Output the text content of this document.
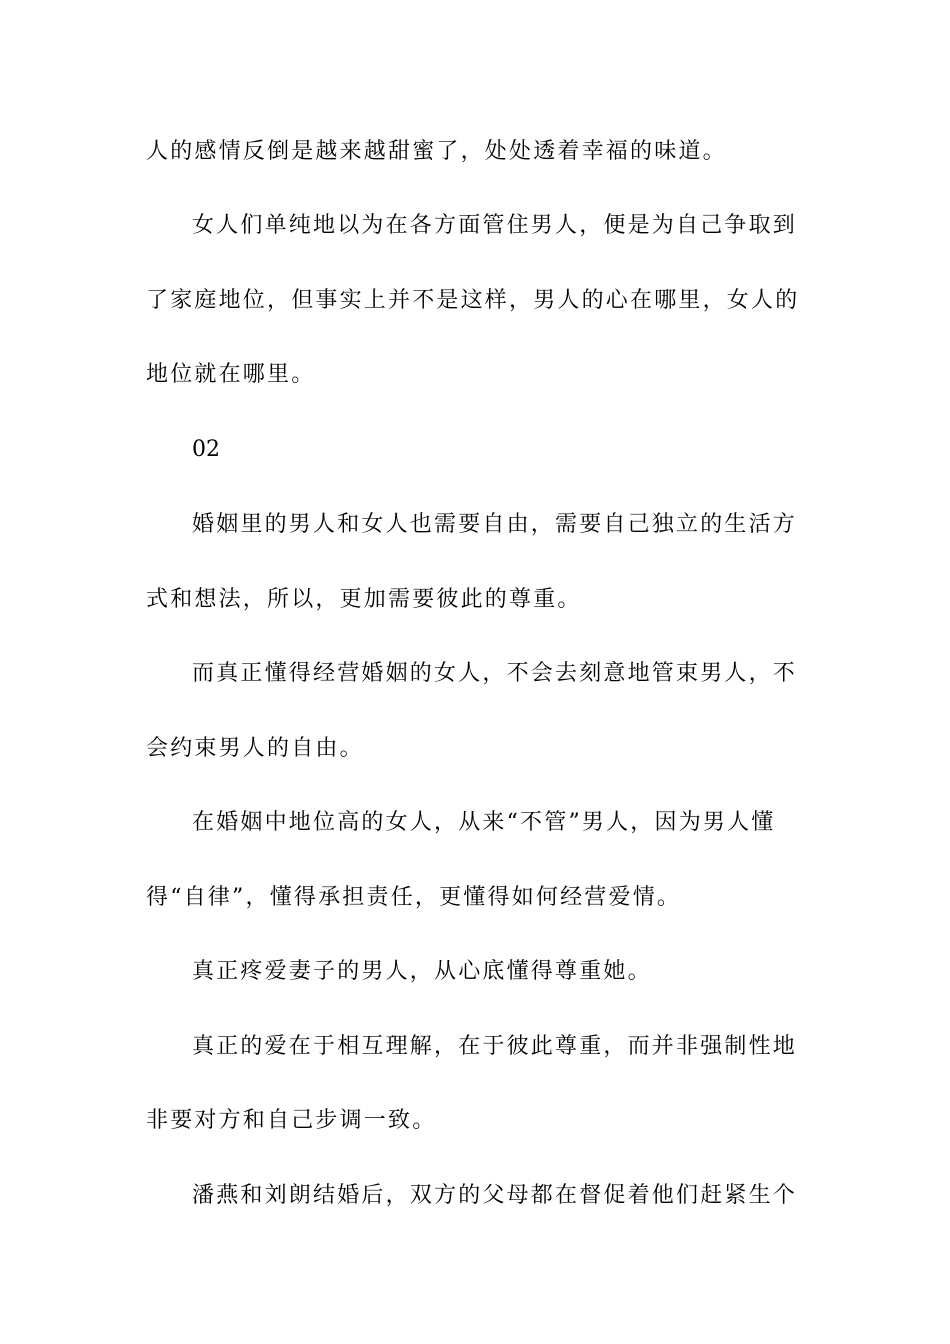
人的感情反倒是越来越甜蜜了，处处透着幸福的味道。
女人们单纯地以为在各方面管住男人，便是为自己争取到
了家庭地位，但事实上并不是这样，男人的心在哪里，女人的
地位就在哪里。
02
婚姻里的男人和女人也需要自由，需要自己独立的生活方
式和想法，所以，更加需要彼此的尊重。
而真正懂得经营婚姻的女人，不会去刻意地管束男人，不
会约束男人的自由。
在婚姻中地位高的女人，从来“不管”男人，因为男人懂
得“自律”，懂得承担责任，更懂得如何经营爱情。
真正疼爱妻子的男人，从心底懂得尊重她。
真正的爱在于相互理解，在于彼此尊重，而并非强制性地
非要对方和自己步调一致。
潘燕和刘朗结婚后，双方的父母都在督促着他们赶紧生个
